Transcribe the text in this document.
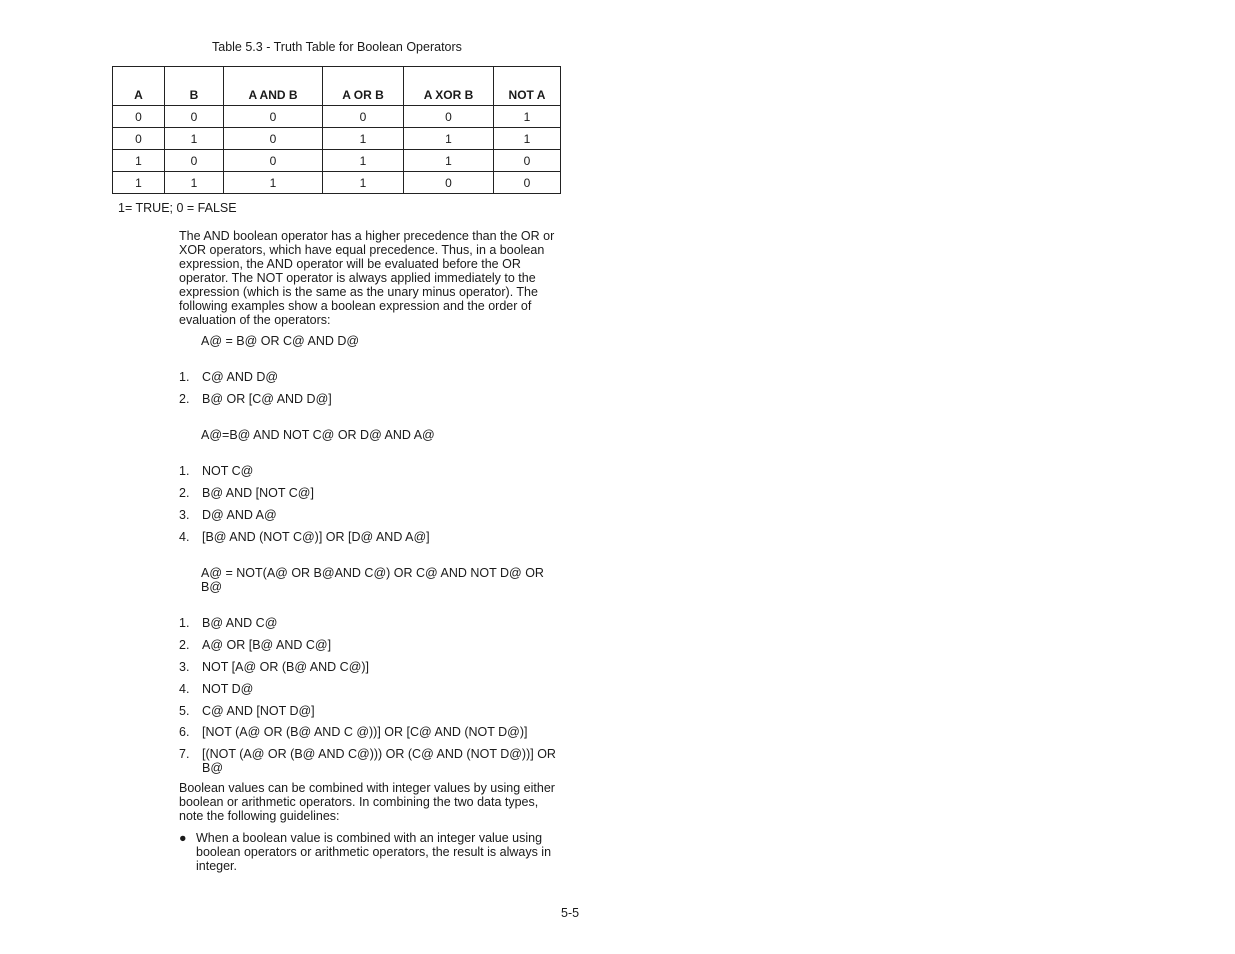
Table 5.3 - Truth Table for Boolean Operators
A	B	A AND B	A OR B	A XOR B	NOT A
0	0	0	0	0	1
0	1	0	1	1	1
1	0	0	1	1	0
1	1	1	1	0	0
1= TRUE; 0 = FALSE
The AND boolean operator has a higher precedence than the OR or XOR operators, which have equal precedence. Thus, in a boolean expression, the AND operator will be evaluated before the OR operator. The NOT operator is always applied immediately to the expression (which is the same as the unary minus operator). The following examples show a boolean expression and the order of evaluation of the operators:
A@ = B@ OR C@ AND D@
1. C@ AND D@
2. B@ OR [C@ AND D@]
A@=B@ AND NOT C@ OR D@ AND A@
1. NOT C@
2. B@ AND [NOT C@]
3. D@ AND A@
4. [B@ AND (NOT C@)] OR [D@ AND A@]
A@ = NOT(A@ OR B@AND C@) OR C@ AND NOT D@ OR B@
1. B@ AND C@
2. A@ OR [B@ AND C@]
3. NOT [A@ OR (B@ AND C@)]
4. NOT D@
5. C@ AND [NOT D@]
6. [NOT (A@ OR (B@ AND C @))] OR [C@ AND (NOT D@)]
7. [(NOT (A@ OR (B@ AND C@))) OR (C@ AND (NOT D@))] OR B@
Boolean values can be combined with integer values by using either boolean or arithmetic operators. In combining the two data types, note the following guidelines:
● When a boolean value is combined with an integer value using boolean operators or arithmetic operators, the result is always in integer.
5-5
